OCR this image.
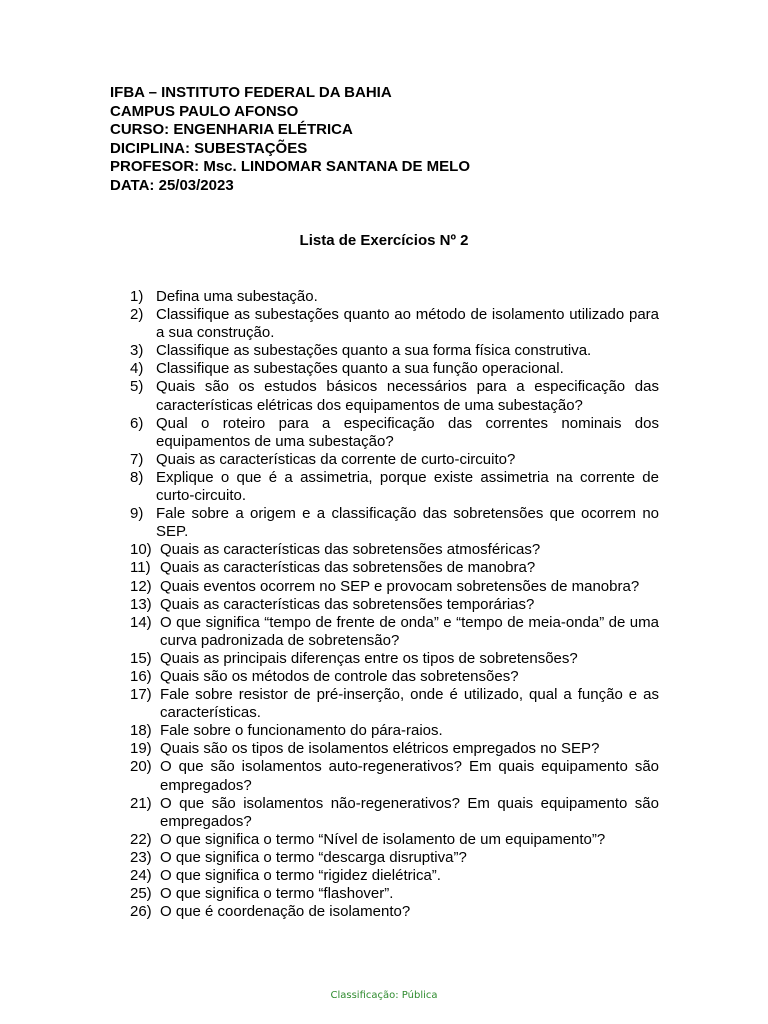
IFBA – INSTITUTO FEDERAL DA BAHIA
CAMPUS PAULO AFONSO
CURSO: ENGENHARIA ELÉTRICA
DICIPLINA: SUBESTAÇÕES
PROFESOR: Msc. LINDOMAR SANTANA DE MELO
DATA: 25/03/2023
Lista de Exercícios Nº 2
1) Defina uma subestação.
2) Classifique as subestações quanto ao método de isolamento utilizado para a sua construção.
3) Classifique as subestações quanto a sua forma física construtiva.
4) Classifique as subestações quanto a sua função operacional.
5) Quais são os estudos básicos necessários para a especificação das características elétricas dos equipamentos de uma subestação?
6) Qual o roteiro para a especificação das correntes nominais dos equipamentos de uma subestação?
7) Quais as características da corrente de curto-circuito?
8) Explique o que é a assimetria, porque existe assimetria na corrente de curto-circuito.
9) Fale sobre a origem e a classificação das sobretensões que ocorrem no SEP.
10) Quais as características das sobretensões atmosféricas?
11) Quais as características das sobretensões de manobra?
12) Quais eventos ocorrem no SEP e provocam sobretensões de manobra?
13) Quais as características das sobretensões temporárias?
14) O que significa “tempo de frente de onda” e “tempo de meia-onda” de uma curva padronizada de sobretensão?
15) Quais as principais diferenças entre os tipos de sobretensões?
16) Quais são os métodos de controle das sobretensões?
17) Fale sobre resistor de pré-inserção, onde é utilizado, qual a função e as características.
18) Fale sobre o funcionamento do pára-raios.
19) Quais são os tipos de isolamentos elétricos empregados no SEP?
20) O que são isolamentos auto-regenerativos? Em quais equipamento são empregados?
21) O que são isolamentos não-regenerativos? Em quais equipamento são empregados?
22) O que significa o termo “Nível de isolamento de um equipamento”?
23) O que significa o termo “descarga disruptiva”?
24) O que significa o termo “rigidez dielétrica”.
25) O que significa o termo “flashover”.
26) O que é coordenação de isolamento?
Classificação: Pública
